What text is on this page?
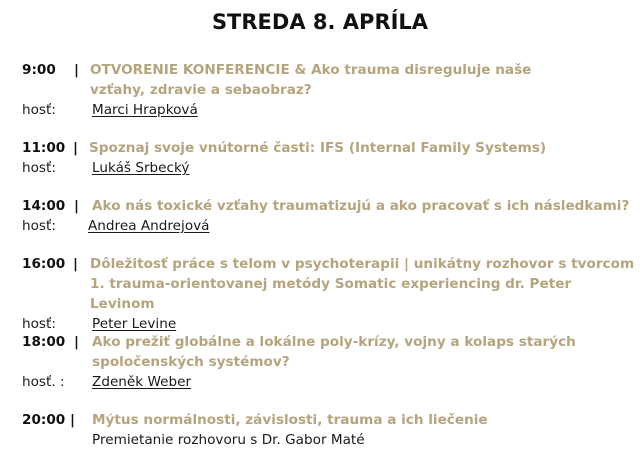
STREDA 8. APRÍLA
9:00 | OTVORENIE KONFERENCIE & Ako trauma disreguluje naše vzťahy, zdravie a sebaobraz?
hosť:	Marci Hrapková
11:00 | Spoznaj svoje vnútorné časti: IFS (Internal Family Systems)
hosť:	Lukáš Srbecký
14:00 | Ako nás toxické vzťahy traumatizujú a ako pracovať s ich následkami?
hosť: Andrea Andrejová
16:00 | Dôležitosť práce s telom v psychoterapii | unikátny rozhovor s tvorcom 1. trauma-orientovanej metódy Somatic experiencing dr. Peter Levinom
hosť:	Peter Levine
18:00 | Ako prežiť globálne a lokálne poly-krízy, vojny a kolaps starých spoločenských systémov?
hosť. : Zdeněk Weber
20:00 | Mýtus normálnosti, závislosti, trauma a ich liečenie
Premietanie rozhovoru s Dr. Gabor Maté
